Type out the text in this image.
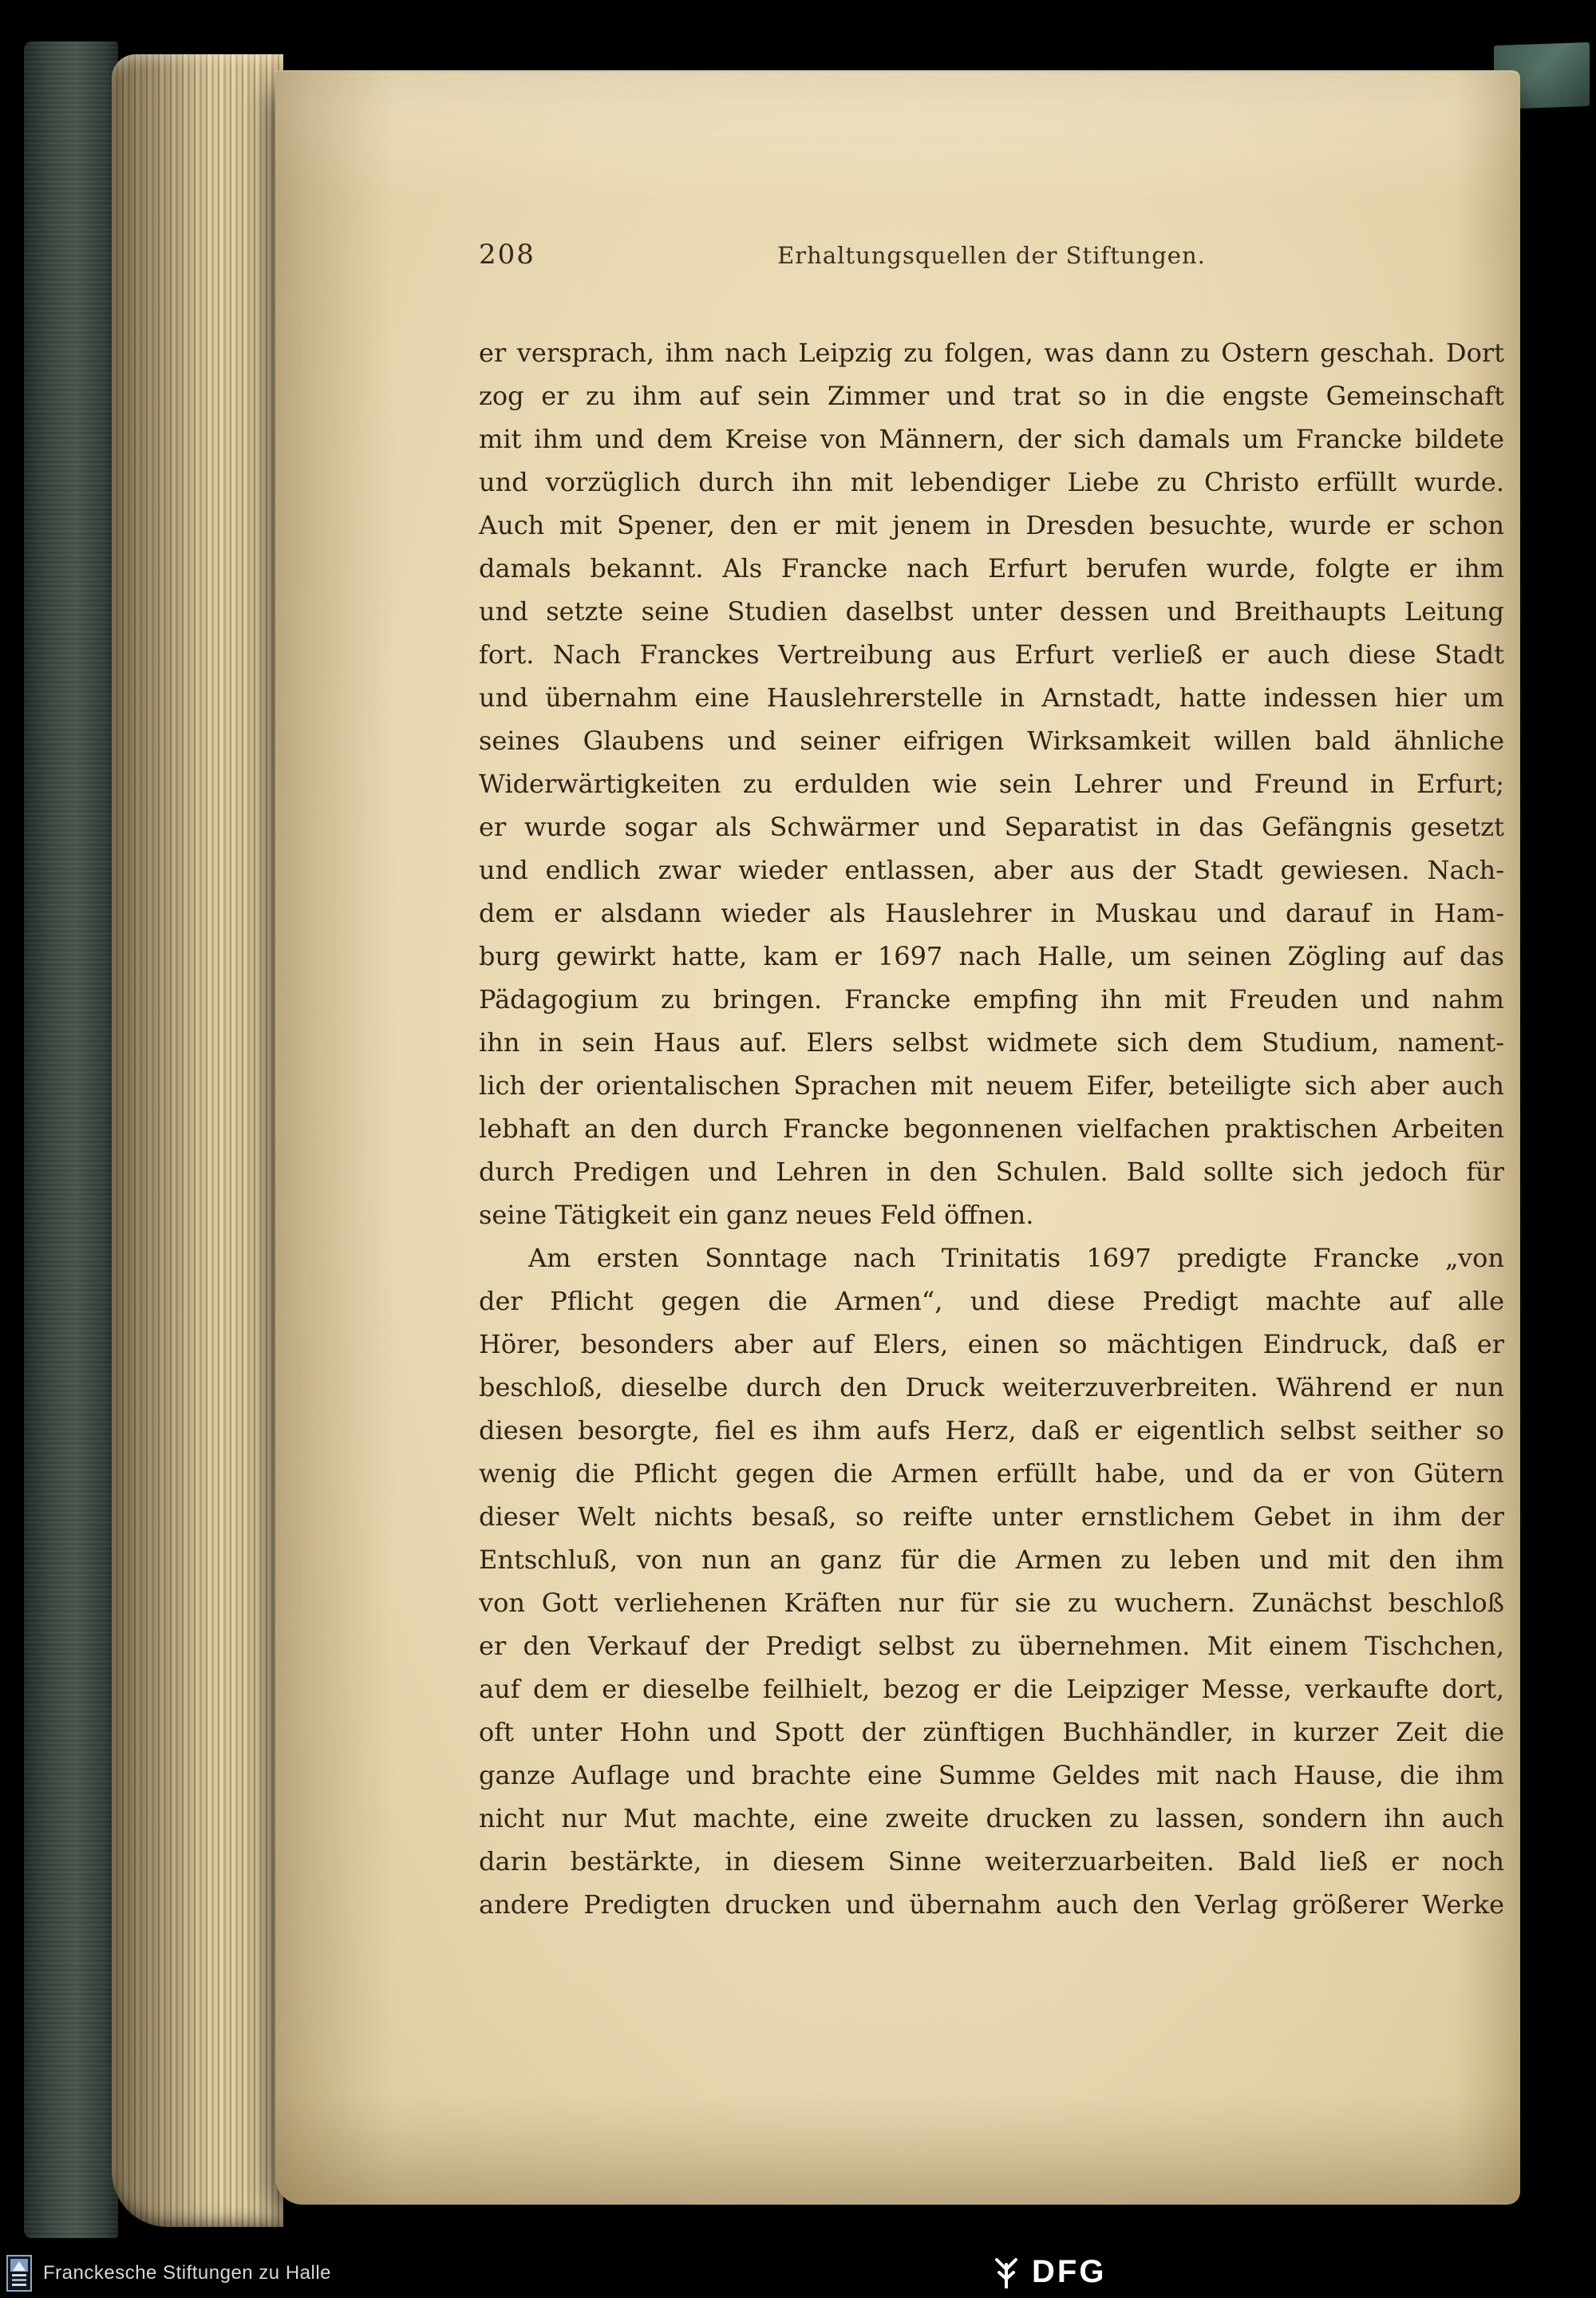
208	Erhaltungsquellen der Stiftungen.
er versprach, ihm nach Leipzig zu folgen, was dann zu Ostern geschah. Dort
zog er zu ihm auf sein Zimmer und trat so in die engste Gemeinschaft
mit ihm und dem Kreise von Männern, der sich damals um Francke bildete
und vorzüglich durch ihn mit lebendiger Liebe zu Christo erfüllt wurde.
Auch mit Spener, den er mit jenem in Dresden besuchte, wurde er schon
damals bekannt. Als Francke nach Erfurt berufen wurde, folgte er ihm
und setzte seine Studien daselbst unter dessen und Breithaupts Leitung
fort. Nach Franckes Vertreibung aus Erfurt verließ er auch diese Stadt
und übernahm eine Hauslehrerstelle in Arnstadt, hatte indessen hier um
seines Glaubens und seiner eifrigen Wirksamkeit willen bald ähnliche
Widerwärtigkeiten zu erdulden wie sein Lehrer und Freund in Erfurt;
er wurde sogar als Schwärmer und Separatist in das Gefängnis gesetzt
und endlich zwar wieder entlassen, aber aus der Stadt gewiesen. Nach-
dem er alsdann wieder als Hauslehrer in Muskau und darauf in Ham-
burg gewirkt hatte, kam er 1697 nach Halle, um seinen Zögling auf das
Pädagogium zu bringen. Francke empfing ihn mit Freuden und nahm
ihn in sein Haus auf. Elers selbst widmete sich dem Studium, nament-
lich der orientalischen Sprachen mit neuem Eifer, beteiligte sich aber auch
lebhaft an den durch Francke begonnenen vielfachen praktischen Arbeiten
durch Predigen und Lehren in den Schulen. Bald sollte sich jedoch für
seine Tätigkeit ein ganz neues Feld öffnen.
Am ersten Sonntage nach Trinitatis 1697 predigte Francke „von
der Pflicht gegen die Armen“, und diese Predigt machte auf alle
Hörer, besonders aber auf Elers, einen so mächtigen Eindruck, daß er
beschloß, dieselbe durch den Druck weiterzuverbreiten. Während er nun
diesen besorgte, fiel es ihm aufs Herz, daß er eigentlich selbst seither so
wenig die Pflicht gegen die Armen erfüllt habe, und da er von Gütern
dieser Welt nichts besaß, so reifte unter ernstlichem Gebet in ihm der
Entschluß, von nun an ganz für die Armen zu leben und mit den ihm
von Gott verliehenen Kräften nur für sie zu wuchern. Zunächst beschloß
er den Verkauf der Predigt selbst zu übernehmen. Mit einem Tischchen,
auf dem er dieselbe feilhielt, bezog er die Leipziger Messe, verkaufte dort,
oft unter Hohn und Spott der zünftigen Buchhändler, in kurzer Zeit die
ganze Auflage und brachte eine Summe Geldes mit nach Hause, die ihm
nicht nur Mut machte, eine zweite drucken zu lassen, sondern ihn auch
darin bestärkte, in diesem Sinne weiterzuarbeiten. Bald ließ er noch
andere Predigten drucken und übernahm auch den Verlag größerer Werke
Franckesche Stiftungen zu Halle	DFG
